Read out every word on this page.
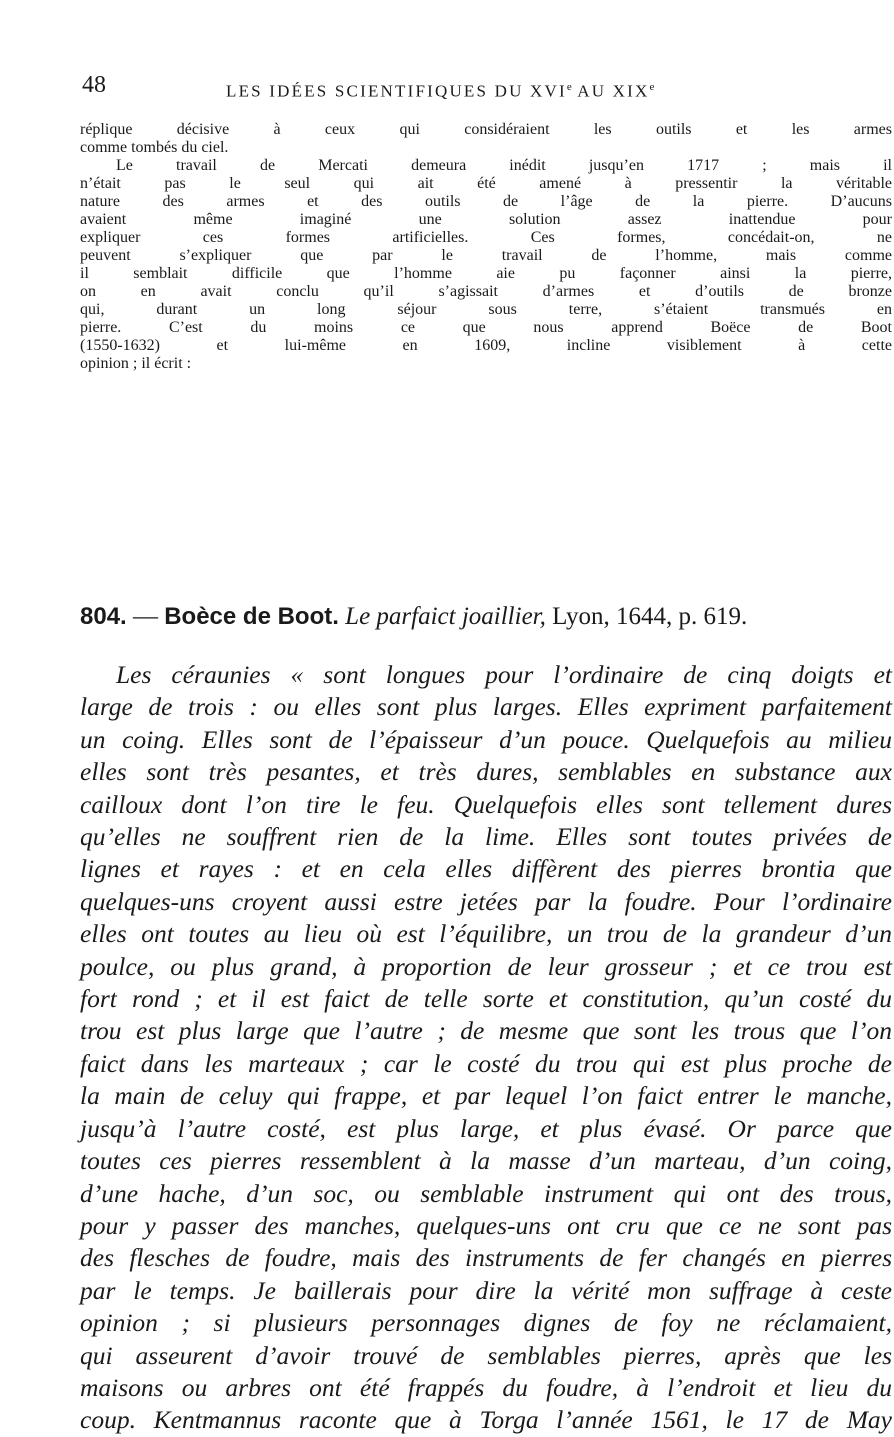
48	LES IDÉES SCIENTIFIQUES DU XVIe AU XIXe
réplique décisive à ceux qui considéraient les outils et les armes
comme tombés du ciel.
Le travail de Mercati demeura inédit jusqu’en 1717 ; mais il
n’était pas le seul qui ait été amené à pressentir la véritable
nature des armes et des outils de l’âge de la pierre. D’aucuns
avaient même imaginé une solution assez inattendue pour
expliquer ces formes artificielles. Ces formes, concédait-on, ne
peuvent s’expliquer que par le travail de l’homme, mais comme
il semblait difficile que l’homme aie pu façonner ainsi la pierre,
on en avait conclu qu’il s’agissait d’armes et d’outils de bronze
qui, durant un long séjour sous terre, s’étaient transmués en
pierre. C’est du moins ce que nous apprend Boëce de Boot
(1550-1632) et lui-même en 1609, incline visiblement à cette
opinion ; il écrit :
804. — Boèce de Boot. Le parfaict joaillier, Lyon, 1644, p. 619.
Les céraunies « sont longues pour l’ordinaire de cinq doigts et
large de trois : ou elles sont plus larges. Elles expriment parfaitement
un coing. Elles sont de l’épaisseur d’un pouce. Quelquefois au milieu
elles sont très pesantes, et très dures, semblables en substance aux
cailloux dont l’on tire le feu. Quelquefois elles sont tellement dures
qu’elles ne souffrent rien de la lime. Elles sont toutes privées de
lignes et rayes : et en cela elles diffèrent des pierres brontia que
quelques-uns croyent aussi estre jetées par la foudre. Pour l’ordinaire
elles ont toutes au lieu où est l’équilibre, un trou de la grandeur d’un
poulce, ou plus grand, à proportion de leur grosseur ; et ce trou est
fort rond ; et il est faict de telle sorte et constitution, qu’un costé du
trou est plus large que l’autre ; de mesme que sont les trous que l’on
faict dans les marteaux ; car le costé du trou qui est plus proche de
la main de celuy qui frappe, et par lequel l’on faict entrer le manche,
jusqu’à l’autre costé, est plus large, et plus évasé. Or parce que
toutes ces pierres ressemblent à la masse d’un marteau, d’un coing,
d’une hache, d’un soc, ou semblable instrument qui ont des trous,
pour y passer des manches, quelques-uns ont cru que ce ne sont pas
des flesches de foudre, mais des instruments de fer changés en pierres
par le temps. Je baillerais pour dire la vérité mon suffrage à ceste
opinion ; si plusieurs personnages dignes de foy ne réclamaient,
qui asseurent d’avoir trouvé de semblables pierres, après que les
maisons ou arbres ont été frappés du foudre, à l’endroit et lieu du
coup. Kentmannus raconte que à Torga l’année 1561, le 17 de May
